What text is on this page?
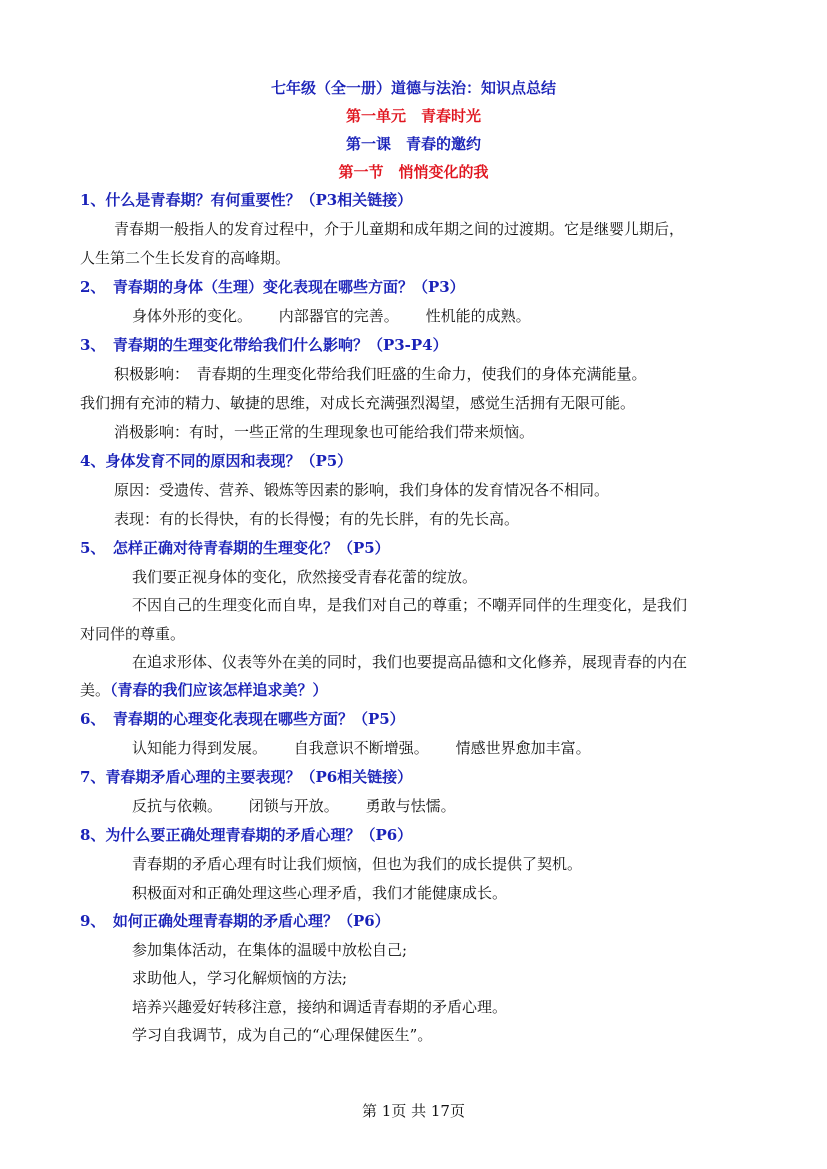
七年级（全一册）道德与法治：知识点总结
第一单元　青春时光
第一课　青春的邀约
第一节　悄悄变化的我
1、什么是青春期？有何重要性？（P3相关链接）
青春期一般指人的发育过程中，介于儿童期和成年期之间的过渡期。它是继婴儿期后，
人生第二个生长发育的高峰期。
2、　青春期的身体（生理）变化表现在哪些方面？（P3）
身体外形的变化。 内部器官的完善。 性机能的成熟。
3、　青春期的生理变化带给我们什么影响？（P3-P4）
积极影响：　青春期的生理变化带给我们旺盛的生命力，使我们的身体充满能量。
我们拥有充沛的精力、敏捷的思维，对成长充满强烈渴望，感觉生活拥有无限可能。
消极影响：有时，一些正常的生理现象也可能给我们带来烦恼。
4、身体发育不同的原因和表现？（P5）
原因：受遗传、营养、锻炼等因素的影响，我们身体的发育情况各不相同。
表现：有的长得快，有的长得慢；有的先长胖，有的先长高。
5、　怎样正确对待青春期的生理变化？（P5）
我们要正视身体的变化，欣然接受青春花蕾的绽放。
不因自己的生理变化而自卑，是我们对自己的尊重；不嘲弄同伴的生理变化，是我们
对同伴的尊重。
在追求形体、仪表等外在美的同时，我们也要提高品德和文化修养，展现青春的内在
美。（青春的我们应该怎样追求美？）
6、　青春期的心理变化表现在哪些方面？（P5）
认知能力得到发展。 自我意识不断增强。 情感世界愈加丰富。
7、青春期矛盾心理的主要表现？（P6相关链接）
反抗与依赖。 闭锁与开放。 勇敢与怯懦。
8、为什么要正确处理青春期的矛盾心理？（P6）
青春期的矛盾心理有时让我们烦恼，但也为我们的成长提供了契机。
积极面对和正确处理这些心理矛盾，我们才能健康成长。
9、　如何正确处理青春期的矛盾心理？（P6）
参加集体活动，在集体的温暖中放松自己;
求助他人，学习化解烦恼的方法;
培养兴趣爱好转移注意，接纳和调适青春期的矛盾心理。
学习自我调节，成为自己的“心理保健医生”。
第 1页 共 17页
